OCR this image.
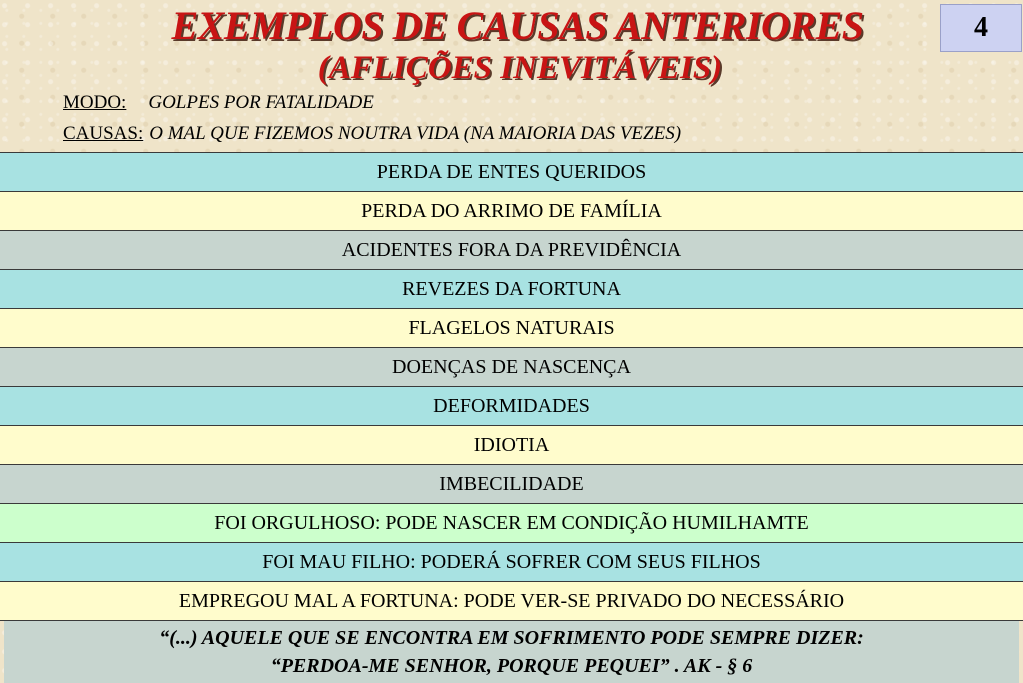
EXEMPLOS DE CAUSAS ANTERIORES
(AFLIÇÕES INEVITÁVEIS)
4
MODO: GOLPES POR FATALIDADE
CAUSAS: O MAL QUE FIZEMOS NOUTRA VIDA (NA MAIORIA DAS VEZES)
PERDA DE ENTES QUERIDOS
PERDA DO ARRIMO DE FAMÍLIA
ACIDENTES FORA DA PREVIDÊNCIA
REVEZES DA FORTUNA
FLAGELOS NATURAIS
DOENÇAS DE NASCENÇA
DEFORMIDADES
IDIOTIA
IMBECILIDADE
FOI ORGULHOSO: PODE NASCER EM CONDIÇÃO HUMILHAMTE
FOI MAU FILHO: PODERÁ SOFRER COM SEUS FILHOS
EMPREGOU MAL A FORTUNA: PODE VER-SE PRIVADO DO NECESSÁRIO
“(...) AQUELE QUE SE ENCONTRA EM SOFRIMENTO PODE SEMPRE DIZER:
“PERDOA-ME SENHOR, PORQUE PEQUEI” . AK - § 6
